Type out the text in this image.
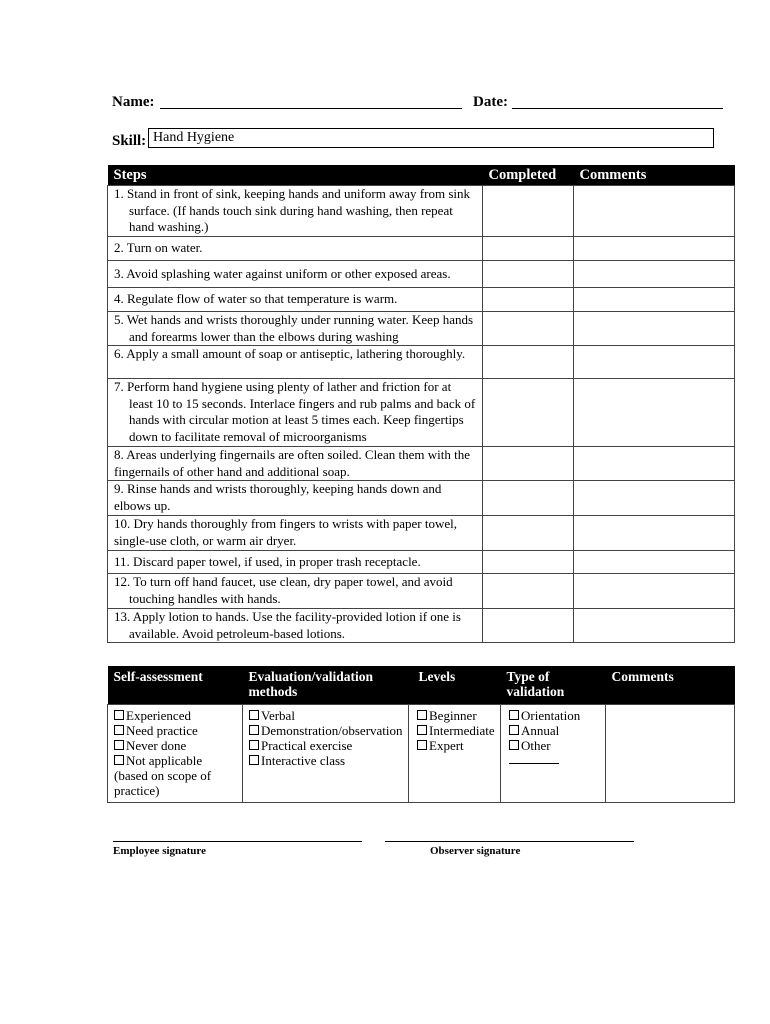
Name:	Date:
Skill: Hand Hygiene
Steps	Completed	Comments

1. Stand in front of sink, keeping hands and uniform away from sink surface. (If hands touch sink during hand washing, then repeat hand washing.)		

2. Turn on water.		

3. Avoid splashing water against uniform or other exposed areas.		

4. Regulate flow of water so that temperature is warm.		

5. Wet hands and wrists thoroughly under running water. Keep hands and forearms lower than the elbows during washing		

6. Apply a small amount of soap or antiseptic, lathering thoroughly.		

7. Perform hand hygiene using plenty of lather and friction for at least 10 to 15 seconds. Interlace fingers and rub palms and back of hands with circular motion at least 5 times each. Keep fingertips down to facilitate removal of microorganisms		

8. Areas underlying fingernails are often soiled. Clean them with the fingernails of other hand and additional soap.		

9. Rinse hands and wrists thoroughly, keeping hands down and elbows up.		

10. Dry hands thoroughly from fingers to wrists with paper towel, single-use cloth, or warm air dryer.		

11. Discard paper towel, if used, in proper trash receptacle.		

12. To turn off hand faucet, use clean, dry paper towel, and avoid touching handles with hands.		

13. Apply lotion to hands. Use the facility-provided lotion if one is available. Avoid petroleum-based lotions.		

Self-assessment	Evaluation/validation methods	Levels	Type of validation	Comments

Experienced
Need practice
Never done
Not applicable (based on scope of practice)	Verbal
Demonstration/observation
Practical exercise
Interactive class	Beginner
Intermediate
Expert	Orientation
Annual
Other	

Employee signature	Observer signature
